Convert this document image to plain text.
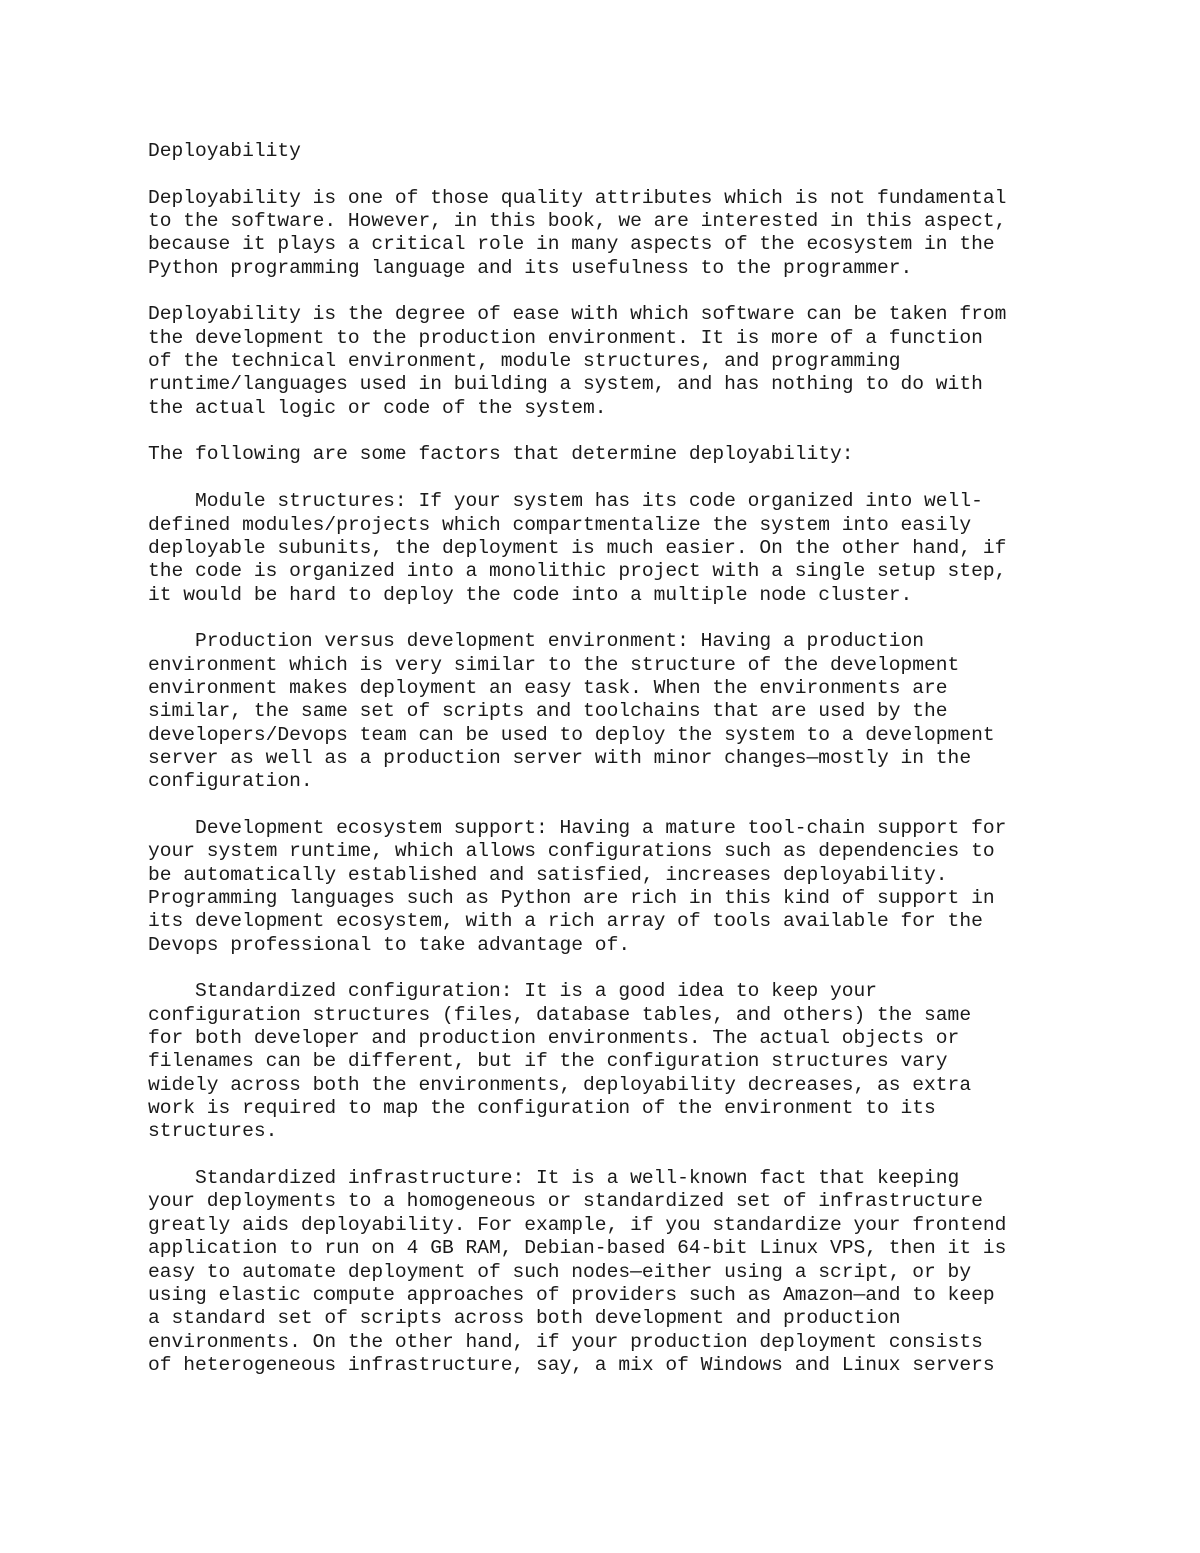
Deployability
Deployability is one of those quality attributes which is not fundamental
to the software. However, in this book, we are interested in this aspect,
because it plays a critical role in many aspects of the ecosystem in the
Python programming language and its usefulness to the programmer.
Deployability is the degree of ease with which software can be taken from
the development to the production environment. It is more of a function
of the technical environment, module structures, and programming
runtime/languages used in building a system, and has nothing to do with
the actual logic or code of the system.
The following are some factors that determine deployability:
Module structures: If your system has its code organized into well-
defined modules/projects which compartmentalize the system into easily
deployable subunits, the deployment is much easier. On the other hand, if
the code is organized into a monolithic project with a single setup step,
it would be hard to deploy the code into a multiple node cluster.
Production versus development environment: Having a production
environment which is very similar to the structure of the development
environment makes deployment an easy task. When the environments are
similar, the same set of scripts and toolchains that are used by the
developers/Devops team can be used to deploy the system to a development
server as well as a production server with minor changes—mostly in the
configuration.
Development ecosystem support: Having a mature tool-chain support for
your system runtime, which allows configurations such as dependencies to
be automatically established and satisfied, increases deployability.
Programming languages such as Python are rich in this kind of support in
its development ecosystem, with a rich array of tools available for the
Devops professional to take advantage of.
Standardized configuration: It is a good idea to keep your
configuration structures (files, database tables, and others) the same
for both developer and production environments. The actual objects or
filenames can be different, but if the configuration structures vary
widely across both the environments, deployability decreases, as extra
work is required to map the configuration of the environment to its
structures.
Standardized infrastructure: It is a well-known fact that keeping
your deployments to a homogeneous or standardized set of infrastructure
greatly aids deployability. For example, if you standardize your frontend
application to run on 4 GB RAM, Debian-based 64-bit Linux VPS, then it is
easy to automate deployment of such nodes—either using a script, or by
using elastic compute approaches of providers such as Amazon—and to keep
a standard set of scripts across both development and production
environments. On the other hand, if your production deployment consists
of heterogeneous infrastructure, say, a mix of Windows and Linux servers
